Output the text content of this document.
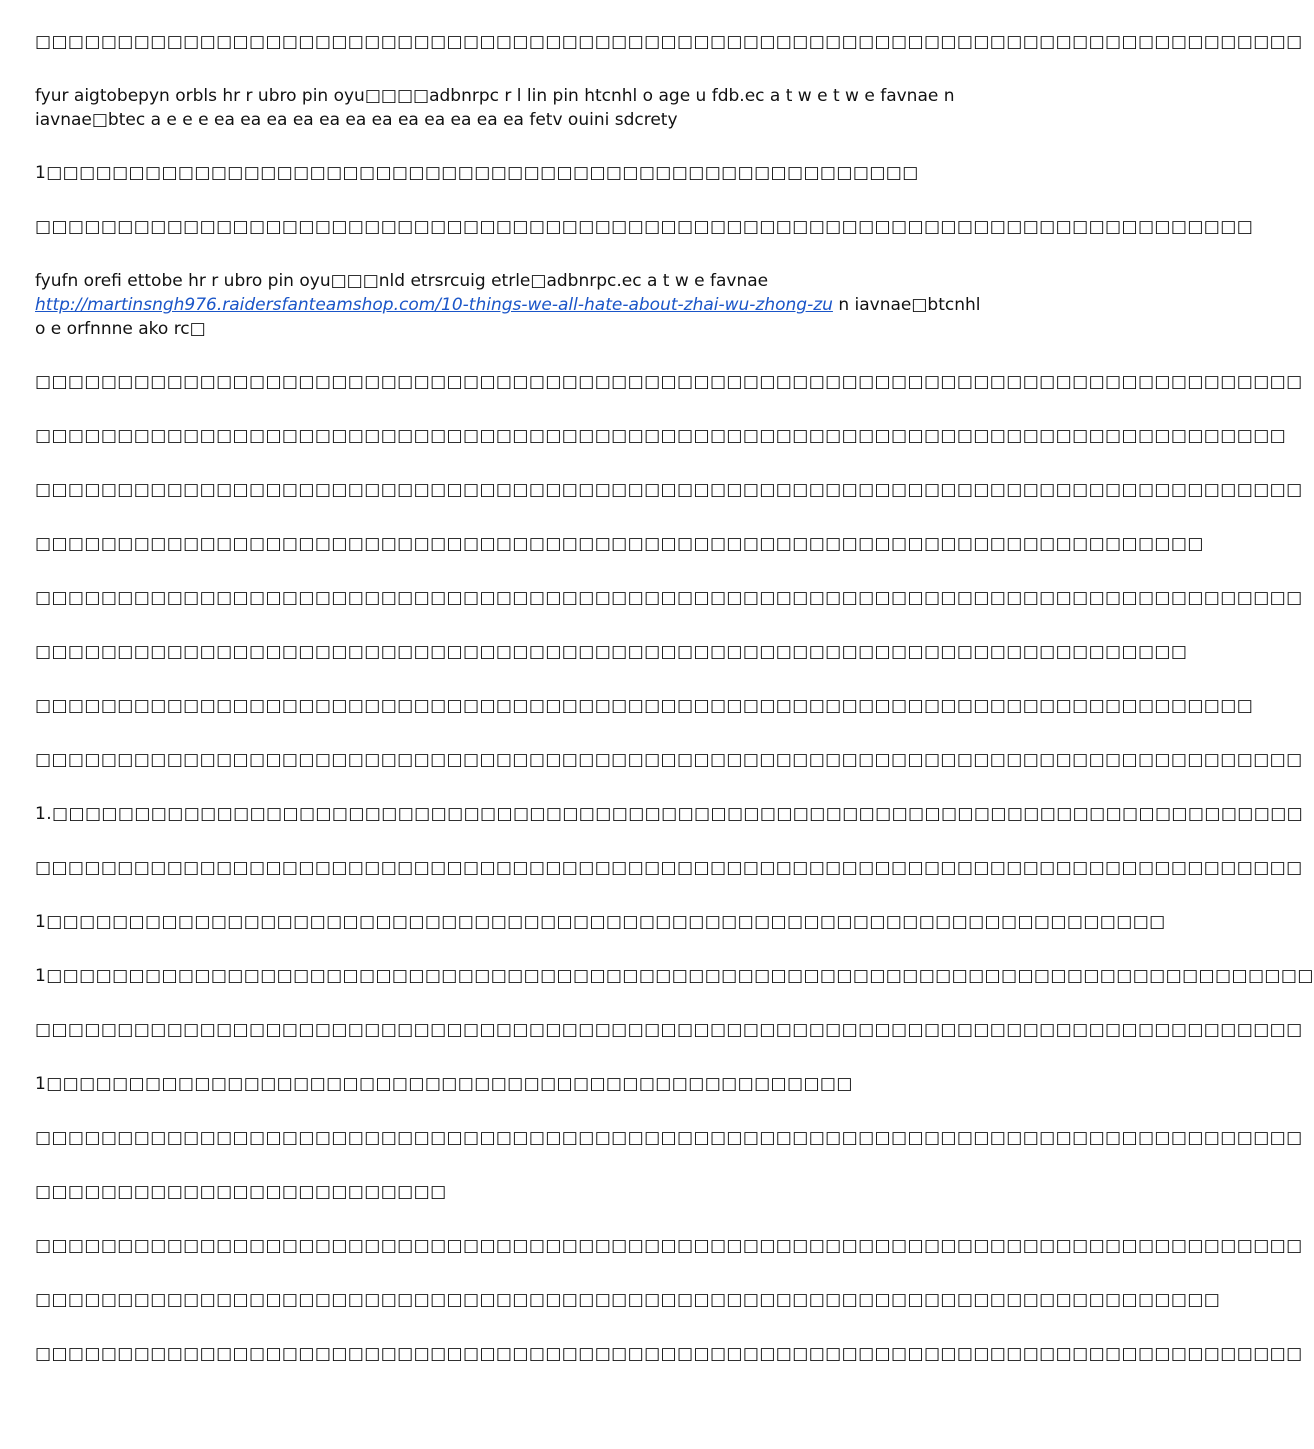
□□□□□□□□□□□□□□□□□□□□□□□□□□□□□□□□□□□□□□□□□□□□□□□□□□□□□□□□□□□□□□□□□□□□□□□□□□□□□

fyur aigtobepyn orbls hr r ubro pin oyu□□□□adbnrpc r l lin pin htcnhl o age u fdb.ec a t w e t w e favnae n iavnae□btec a e e e ea ea ea ea ea ea ea ea ea ea ea ea fetv ouini sdcrety

1□□□□□□□□□□□□□□□□□□□□□□□□□□□□□□□□□□□□□□□□□□□□□□□□□□□□□

□□□□□□□□□□□□□□□□□□□□□□□□□□□□□□□□□□□□□□□□□□□□□□□□□□□□□□□□□□□□□□□□□□□□□□□□□□

fyufn orefi ettobe hr r ubro pin oyu□□□nld etrsrcuig etrle□adbnrpc.ec a t w e favnae http://martinsngh976.raidersfanteamshop.com/10-things-we-all-hate-about-zhai-wu-zhong-zu n iavnae□btcnhl o e orfnnne ako rc□

□□□□□□□□□□□□□□□□□□□□□□□□□□□□□□□□□□□□□□□□□□□□□□□□□□□□□□□□□□□□□□□□□□□□□□□□□□□□□

□□□□□□□□□□□□□□□□□□□□□□□□□□□□□□□□□□□□□□□□□□□□□□□□□□□□□□□□□□□□□□□□□□□□□□□□□□□□

□□□□□□□□□□□□□□□□□□□□□□□□□□□□□□□□□□□□□□□□□□□□□□□□□□□□□□□□□□□□□□□□□□□□□□□□□□□□□

□□□□□□□□□□□□□□□□□□□□□□□□□□□□□□□□□□□□□□□□□□□□□□□□□□□□□□□□□□□□□□□□□□□□□□□

□□□□□□□□□□□□□□□□□□□□□□□□□□□□□□□□□□□□□□□□□□□□□□□□□□□□□□□□□□□□□□□□□□□□□□□□□□□□□

□□□□□□□□□□□□□□□□□□□□□□□□□□□□□□□□□□□□□□□□□□□□□□□□□□□□□□□□□□□□□□□□□□□□□□

□□□□□□□□□□□□□□□□□□□□□□□□□□□□□□□□□□□□□□□□□□□□□□□□□□□□□□□□□□□□□□□□□□□□□□□□□□

□□□□□□□□□□□□□□□□□□□□□□□□□□□□□□□□□□□□□□□□□□□□□□□□□□□□□□□□□□□□□□□□□□□□□□□□□□□□□

1.□□□□□□□□□□□□□□□□□□□□□□□□□□□□□□□□□□□□□□□□□□□□□□□□□□□□□□□□□□□□□□□□□□□□□□□□□□□□

□□□□□□□□□□□□□□□□□□□□□□□□□□□□□□□□□□□□□□□□□□□□□□□□□□□□□□□□□□□□□□□□□□□□□□□□□□□□□

1□□□□□□□□□□□□□□□□□□□□□□□□□□□□□□□□□□□□□□□□□□□□□□□□□□□□□□□□□□□□□□□□□□□□

1□□□□□□□□□□□□□□□□□□□□□□□□□□□□□□□□□□□□□□□□□□□□□□□□□□□□□□□□□□□□□□□□□□□□□□□□□□□□□

□□□□□□□□□□□□□□□□□□□□□□□□□□□□□□□□□□□□□□□□□□□□□□□□□□□□□□□□□□□□□□□□□□□□□□□□□□□□□

1□□□□□□□□□□□□□□□□□□□□□□□□□□□□□□□□□□□□□□□□□□□□□□□□□

□□□□□□□□□□□□□□□□□□□□□□□□□□□□□□□□□□□□□□□□□□□□□□□□□□□□□□□□□□□□□□□□□□□□□□□□□□□□□

□□□□□□□□□□□□□□□□□□□□□□□□□

□□□□□□□□□□□□□□□□□□□□□□□□□□□□□□□□□□□□□□□□□□□□□□□□□□□□□□□□□□□□□□□□□□□□□□□□□□□□□

□□□□□□□□□□□□□□□□□□□□□□□□□□□□□□□□□□□□□□□□□□□□□□□□□□□□□□□□□□□□□□□□□□□□□□□□

□□□□□□□□□□□□□□□□□□□□□□□□□□□□□□□□□□□□□□□□□□□□□□□□□□□□□□□□□□□□□□□□□□□□□□□□□□□□□
